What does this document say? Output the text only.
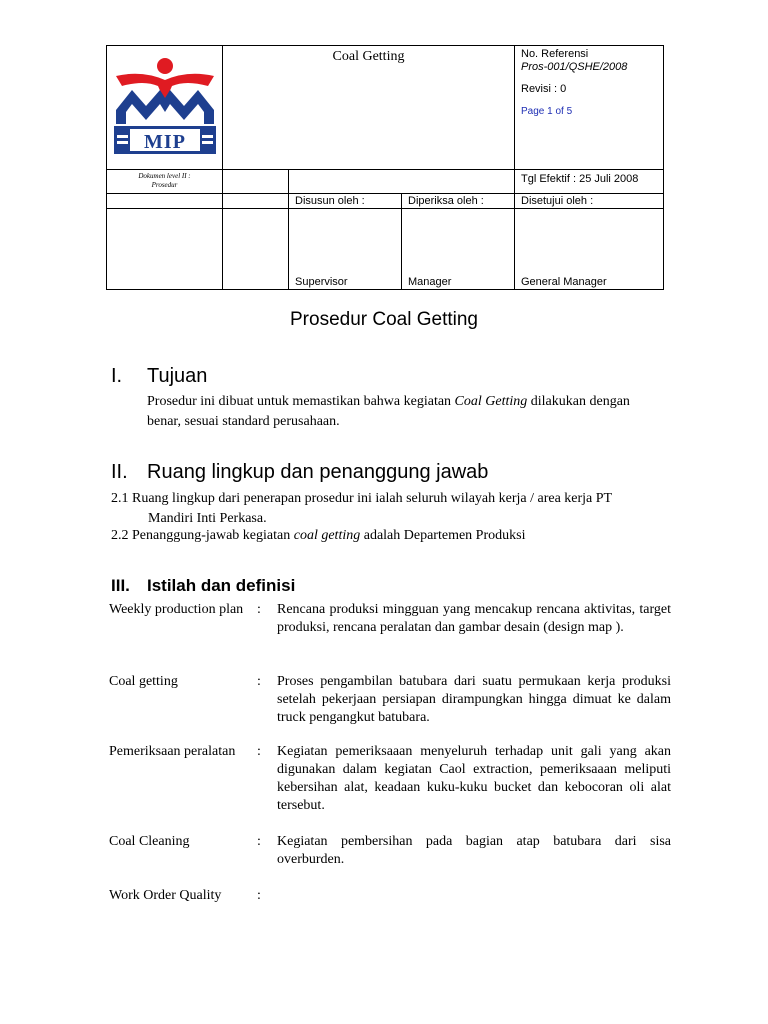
	Coal Getting			No. Referensi
Pros-001/QSHE/2008
Revisi : 0
Page 1 of 5

Dokumen level II :
Prosedur				Tgl Efektif : 25 Juli 2008
		Disusun oleh :	Diperiksa oleh :	Disetujui oleh :

		Supervisor	Manager	General Manager
MIP
Prosedur Coal Getting
I. Tujuan
Prosedur ini dibuat untuk memastikan bahwa kegiatan Coal Getting dilakukan dengan
benar, sesuai standard perusahaan.
II. Ruang lingkup dan penanggung jawab
2.1 Ruang lingkup dari penerapan prosedur ini ialah seluruh wilayah kerja / area kerja PT
Mandiri Inti Perkasa.
2.2 Penanggung-jawab kegiatan coal getting adalah Departemen Produksi
III. Istilah dan definisi
Weekly production plan : Rencana produksi mingguan yang mencakup rencana aktivitas, target produksi, rencana peralatan dan gambar desain (design map ).
Coal getting	: Proses pengambilan batubara dari suatu permukaan kerja produksi setelah pekerjaan persiapan dirampungkan hingga dimuat ke dalam truck pengangkut batubara.
Pemeriksaan peralatan	: Kegiatan pemeriksaaan menyeluruh terhadap unit gali yang akan digunakan dalam kegiatan Caol extraction, pemeriksaaan meliputi kebersihan alat, keadaan kuku-kuku bucket dan kebocoran oli alat tersebut.
Coal Cleaning	: Kegiatan pembersihan pada bagian atap batubara dari sisa overburden.
Work Order Quality	:
